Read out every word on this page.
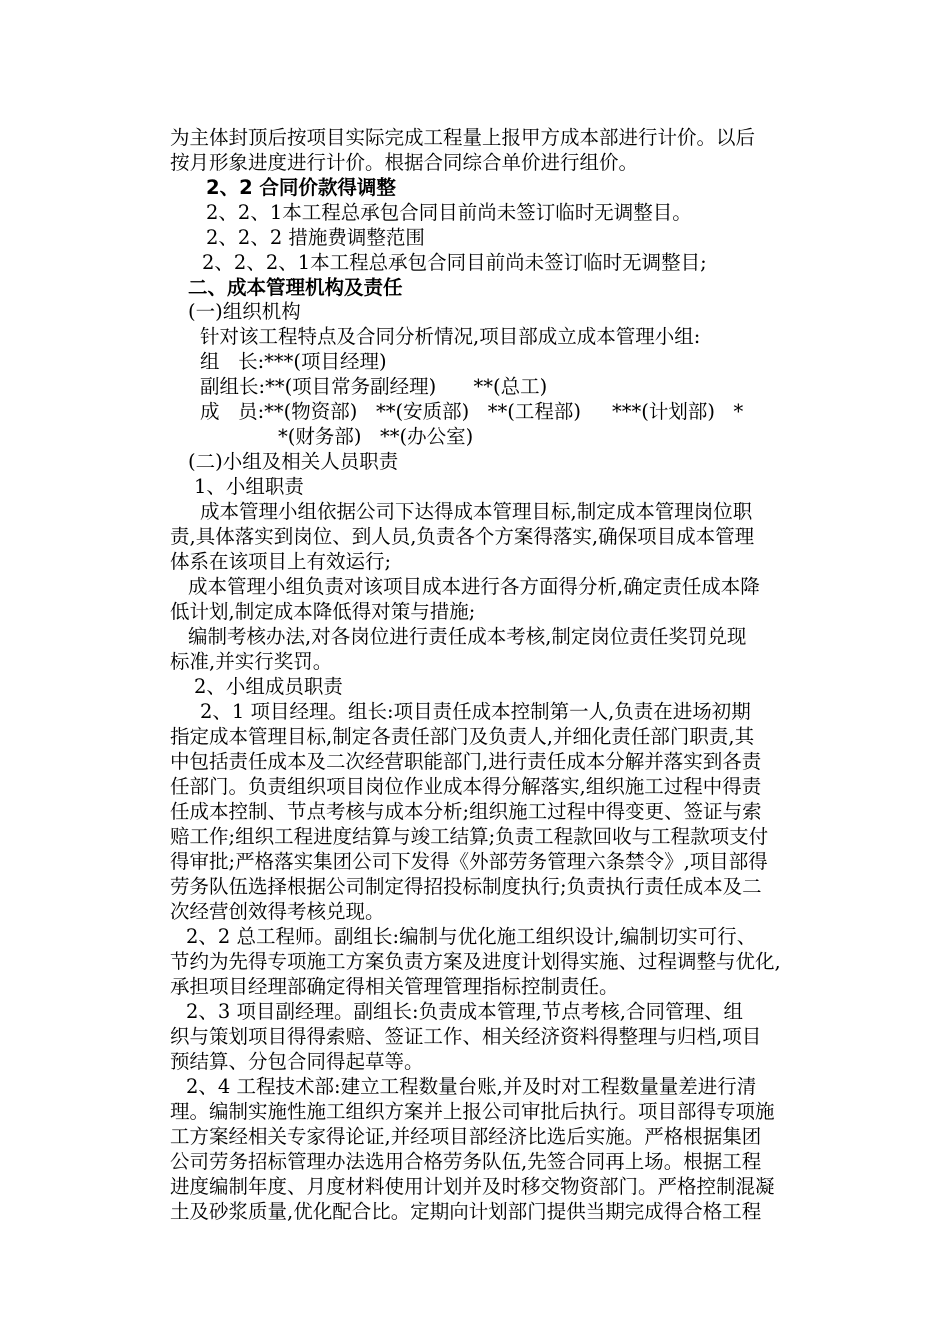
为主体封顶后按项目实际完成工程量上报甲方成本部进行计价。以后
按月形象进度进行计价。根据合同综合单价进行组价。
2、2 合同价款得调整
2、2、1本工程总承包合同目前尚未签订临时无调整目。
2、2、2 措施费调整范围
2、2、2、1本工程总承包合同目前尚未签订临时无调整目;
二、成本管理机构及责任
(一)组织机构
针对该工程特点及合同分析情况,项目部成立成本管理小组:
组   长:***(项目经理)
副组长:**(项目常务副经理)      **(总工)
成   员:**(物资部)   **(安质部)   **(工程部)     ***(计划部)   *
*(财务部)   **(办公室)
(二)小组及相关人员职责
1、小组职责
成本管理小组依据公司下达得成本管理目标,制定成本管理岗位职
责,具体落实到岗位、到人员,负责各个方案得落实,确保项目成本管理
体系在该项目上有效运行;
成本管理小组负责对该项目成本进行各方面得分析,确定责任成本降
低计划,制定成本降低得对策与措施;
编制考核办法,对各岗位进行责任成本考核,制定岗位责任奖罚兑现
标准,并实行奖罚。
2、小组成员职责
2、1 项目经理。组长:项目责任成本控制第一人,负责在进场初期
指定成本管理目标,制定各责任部门及负责人,并细化责任部门职责,其
中包括责任成本及二次经营职能部门,进行责任成本分解并落实到各责
任部门。负责组织项目岗位作业成本得分解落实,组织施工过程中得责
任成本控制、节点考核与成本分析;组织施工过程中得变更、签证与索
赔工作;组织工程进度结算与竣工结算;负责工程款回收与工程款项支付
得审批;严格落实集团公司下发得《外部劳务管理六条禁令》,项目部得
劳务队伍选择根据公司制定得招投标制度执行;负责执行责任成本及二
次经营创效得考核兑现。
2、2 总工程师。副组长:编制与优化施工组织设计,编制切实可行、
节约为先得专项施工方案负责方案及进度计划得实施、过程调整与优化,
承担项目经理部确定得相关管理管理指标控制责任。
2、3 项目副经理。副组长:负责成本管理,节点考核,合同管理、组
织与策划项目得得索赔、签证工作、相关经济资料得整理与归档,项目
预结算、分包合同得起草等。
2、4 工程技术部:建立工程数量台账,并及时对工程数量量差进行清
理。编制实施性施工组织方案并上报公司审批后执行。项目部得专项施
工方案经相关专家得论证,并经项目部经济比选后实施。严格根据集团
公司劳务招标管理办法选用合格劳务队伍,先签合同再上场。根据工程
进度编制年度、月度材料使用计划并及时移交物资部门。严格控制混凝
土及砂浆质量,优化配合比。定期向计划部门提供当期完成得合格工程
